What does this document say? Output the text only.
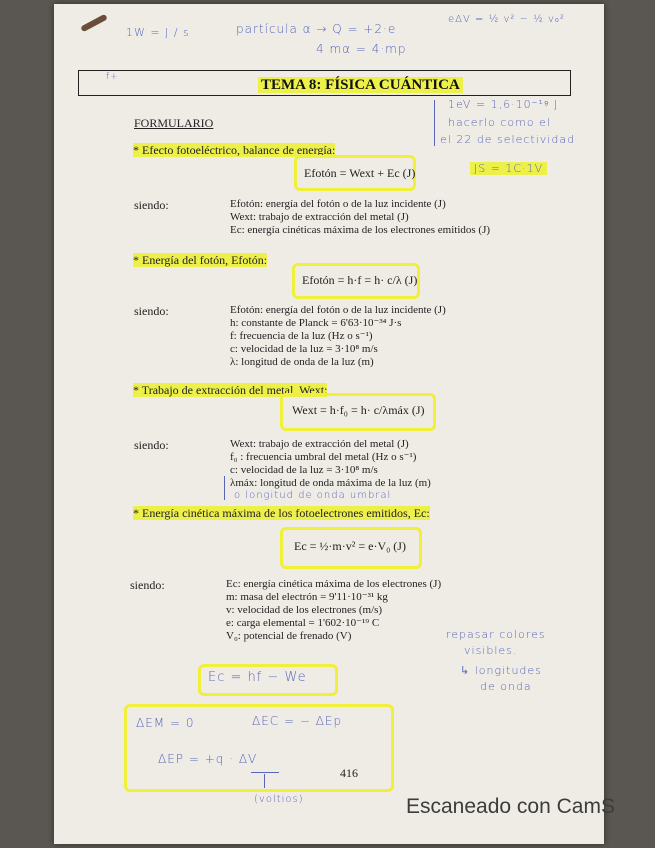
1W = J / s	partícula α → Q = +2·e
4 mα = 4·mp
eΔV = ½ v² − ½ v₀²
f+	TEMA 8: FÍSICA CUÁNTICA
1eV = 1,6·10⁻¹⁹ J
hacerlo como el
el 22 de selectividad
JS = 1C·1V
FORMULARIO
* Efecto fotoeléctrico, balance de energía:
Efotón = Wext + Ec (J)
siendo:	Efotón: energía del fotón o de la luz incidente (J)
Wext: trabajo de extracción del metal (J)
Ec: energía cinéticas máxima de los electrones emitidos (J)
* Energía del fotón, Efotón:
Efotón = h·f = h· c/λ (J)
siendo:	Efotón: energía del fotón o de la luz incidente (J)
h: constante de Planck = 6'63·10⁻³⁴ J·s
f: frecuencia de la luz (Hz o s⁻¹)
c: velocidad de la luz = 3·10⁸ m/s
λ: longitud de onda de la luz (m)
* Trabajo de extracción del metal, Wext:
Wext = h·f₀ = h· c/λmáx (J)
siendo:	Wext: trabajo de extracción del metal (J)
f₀ : frecuencia umbral del metal (Hz o s⁻¹)
c: velocidad de la luz = 3·10⁸ m/s
λmáx: longitud de onda máxima de la luz (m)
o longitud de onda umbral
* Energía cinética máxima de los fotoelectrones emitidos, Ec:
Ec = ½·m·v² = e·V₀ (J)
siendo:	Ec: energía cinética máxima de los electrones (J)
m: masa del electrón = 9'11·10⁻³¹ kg
v: velocidad de los electrones (m/s)
e: carga elemental = 1'602·10⁻¹⁹ C
V₀: potencial de frenado (V)	repasar colores
visibles.
↳ longitudes
de onda
Ec = hf − We
ΔEM = 0	ΔEC = − ΔEp
ΔEP = +q · ΔV
(voltios)
416
Escaneado con CamS
